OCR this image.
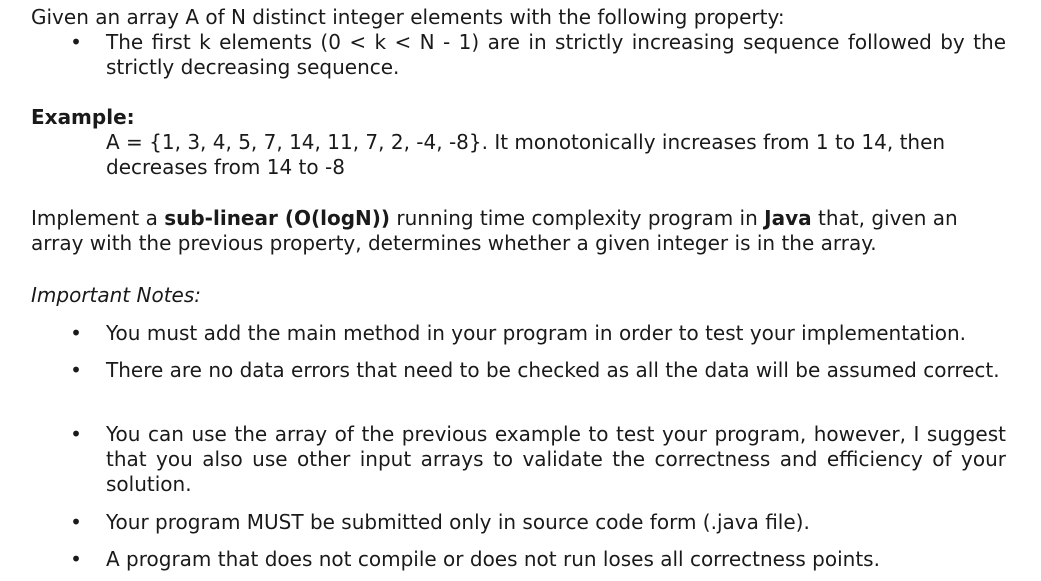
Given an array A of N distinct integer elements with the following property:
• The first k elements (0 < k < N - 1) are in strictly increasing sequence followed by the strictly decreasing sequence.
Example:
A = {1, 3, 4, 5, 7, 14, 11, 7, 2, -4, -8}. It monotonically increases from 1 to 14, then decreases from 14 to -8
Implement a sub-linear (O(logN)) running time complexity program in Java that, given an array with the previous property, determines whether a given integer is in the array.
Important Notes:
• You must add the main method in your program in order to test your implementation.
• There are no data errors that need to be checked as all the data will be assumed correct.
• You can use the array of the previous example to test your program, however, I suggest that you also use other input arrays to validate the correctness and efficiency of your solution.
• Your program MUST be submitted only in source code form (.java file).
• A program that does not compile or does not run loses all correctness points.
